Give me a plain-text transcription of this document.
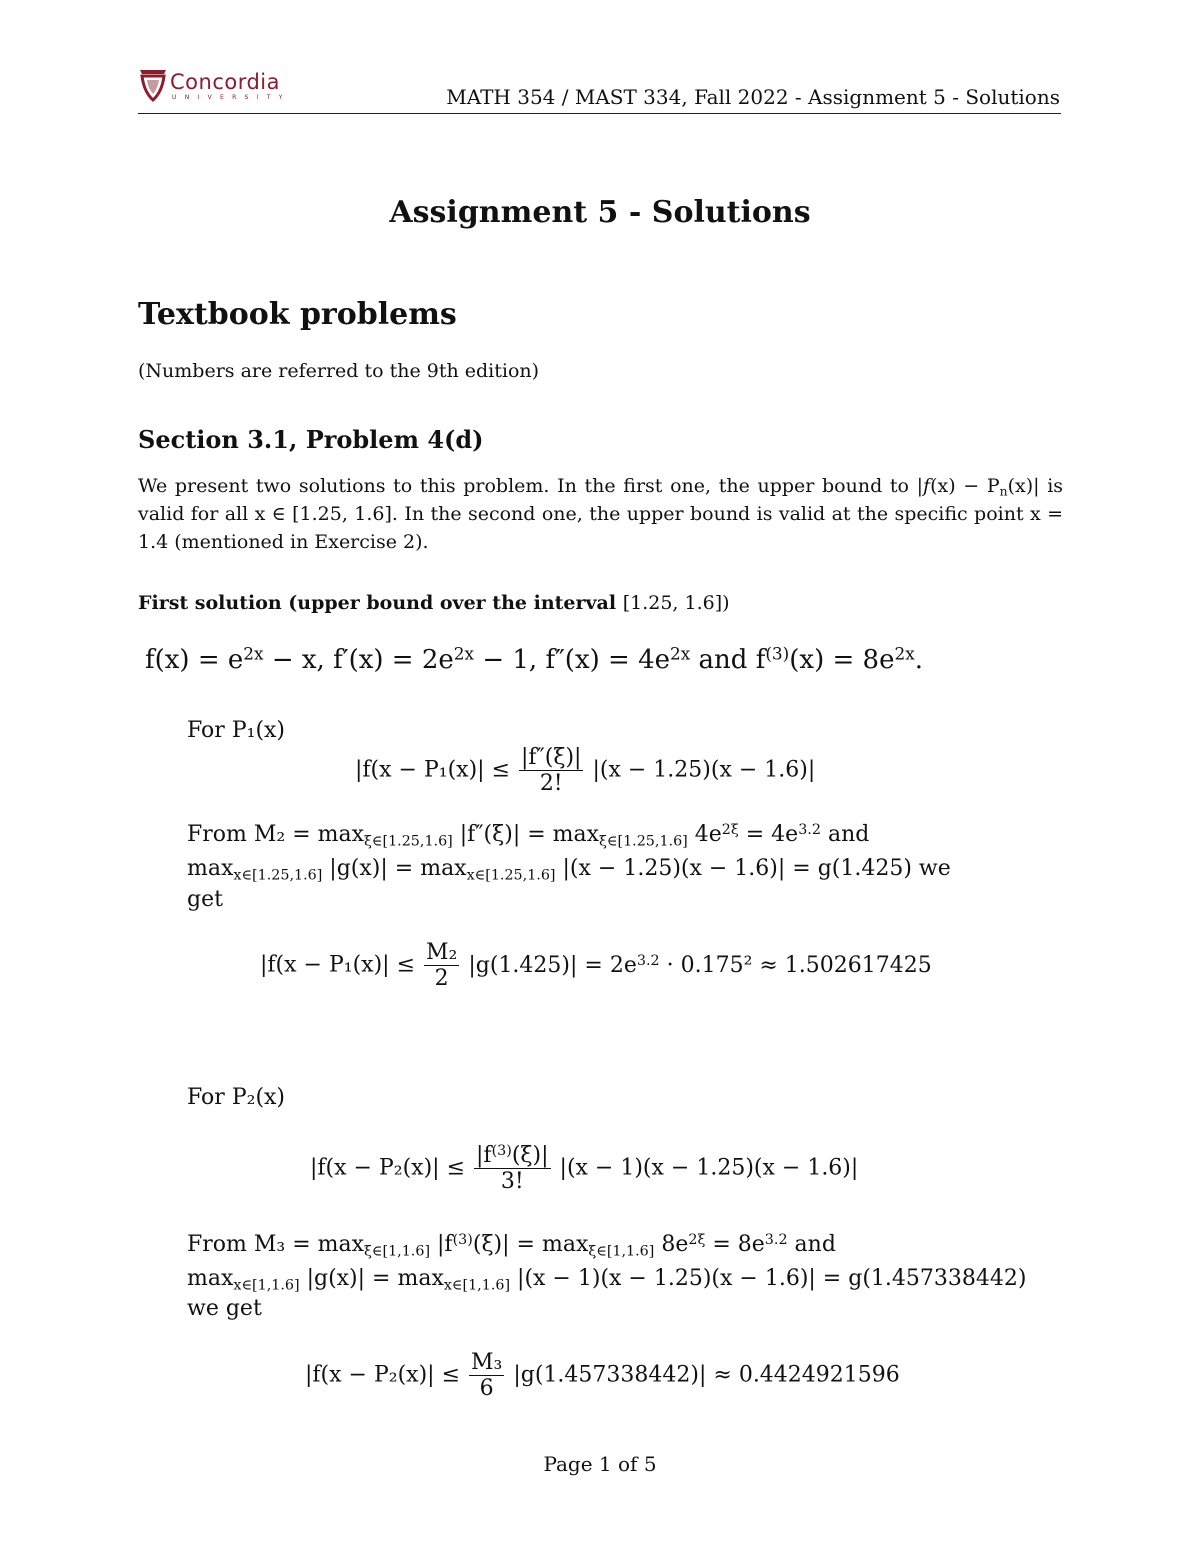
Concordia
U N I V E R S I T Y	MATH 354 / MAST 334, Fall 2022 - Assignment 5 - Solutions
Assignment 5 - Solutions
Textbook problems
(Numbers are referred to the 9th edition)
Section 3.1, Problem 4(d)

We present two solutions to this problem. In the first one, the upper bound to $|f(x) - P_n(x)|$ is valid for all x ∈ [1.25, 1.6]. In the second one, the upper bound is valid at the specific point x = 1.4 (mentioned in Exercise 2).

First solution (upper bound over the interval [1.25, 1.6])
$f(x) = e^{2x} - x$, $f'(x) = 2e^{2x} - 1$, $f''(x) = 4e^{2x}$ and $f^{(3)}(x) = 8e^{2x}$.
For P₁(x)
$|f(x - P_1(x)| \le \frac{|f''(\xi)|}{2!} |(x - 1.25)(x - 1.6)|$
From $M_2 = \max_{\xi\in[1.25,1.6]} |f''(\xi)| = \max_{\xi\in[1.25,1.6]} 4e^{2\xi} = 4e^{3.2}$ and
$\max_{x\in[1.25,1.6]} |g(x)| = \max_{x\in[1.25,1.6]} |(x - 1.25)(x - 1.6)| = g(1.425)$ we
get
$|f(x - P_1(x)| \le \frac{\text{M₂}}{2} |g(1.425)| = 2e^{3.2} \cdot 0.175^2 \approx 1.502617425$
For P₂(x)
$|f(x - P_2(x)| \le \frac{|f^{(3)}(\xi)|}{3!} |(x - 1)(x - 1.25)(x - 1.6)|$
From $M_3 = \max_{\xi\in[1,1.6]} |f^{(3)}(\xi)| = \max_{\xi\in[1,1.6]} 8e^{2\xi} = 8e^{3.2}$ and
$\max_{x\in[1,1.6]} |g(x)| = \max_{x\in[1,1.6]} |(x - 1)(x - 1.25)(x - 1.6)| = g(1.457338442)$
we get
$|f(x - P_2(x)| \le \frac{\text{M₃}}{6} |g(1.457338442)| \approx 0.4424921596$
Page 1 of 5
